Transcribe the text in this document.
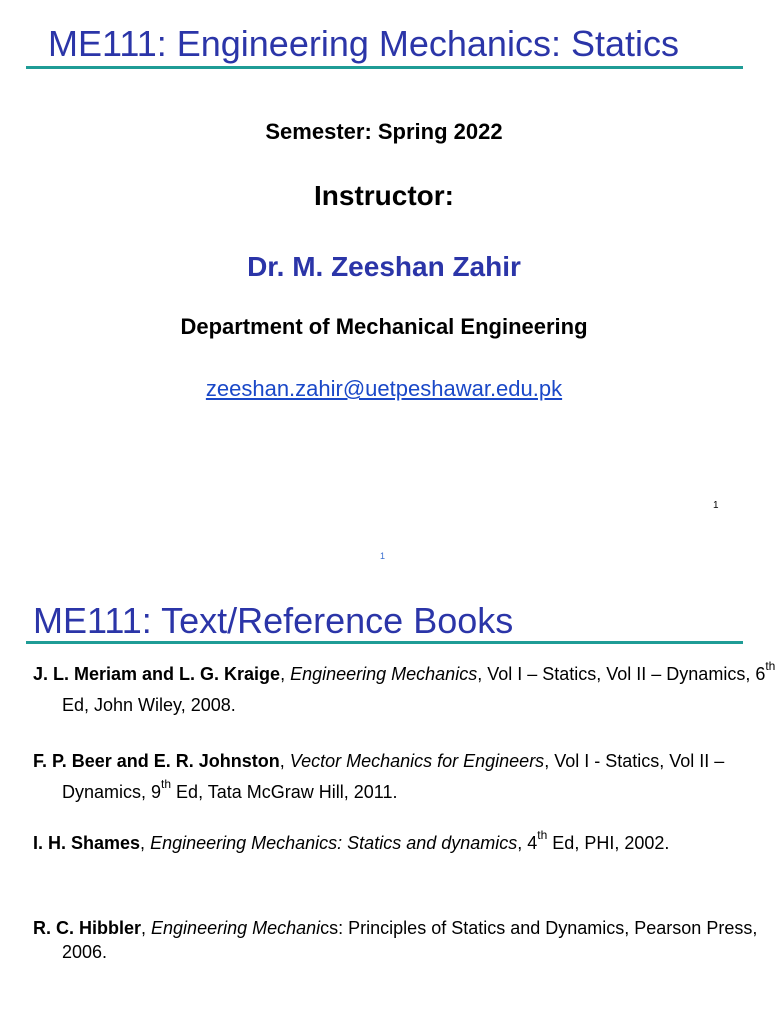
ME111: Engineering Mechanics: Statics
Semester: Spring 2022
Instructor:
Dr. M. Zeeshan Zahir
Department of Mechanical Engineering
zeeshan.zahir@uetpeshawar.edu.pk
1
1
ME111: Text/Reference Books
J. L. Meriam and L. G. Kraige, Engineering Mechanics, Vol I – Statics, Vol II – Dynamics, 6th Ed, John Wiley, 2008.
F. P. Beer and E. R. Johnston, Vector Mechanics for Engineers, Vol I - Statics, Vol II – Dynamics, 9th Ed, Tata McGraw Hill, 2011.
I. H. Shames, Engineering Mechanics: Statics and dynamics, 4th Ed, PHI, 2002.
R. C. Hibbler, Engineering Mechanics: Principles of Statics and Dynamics, Pearson Press, 2006.
